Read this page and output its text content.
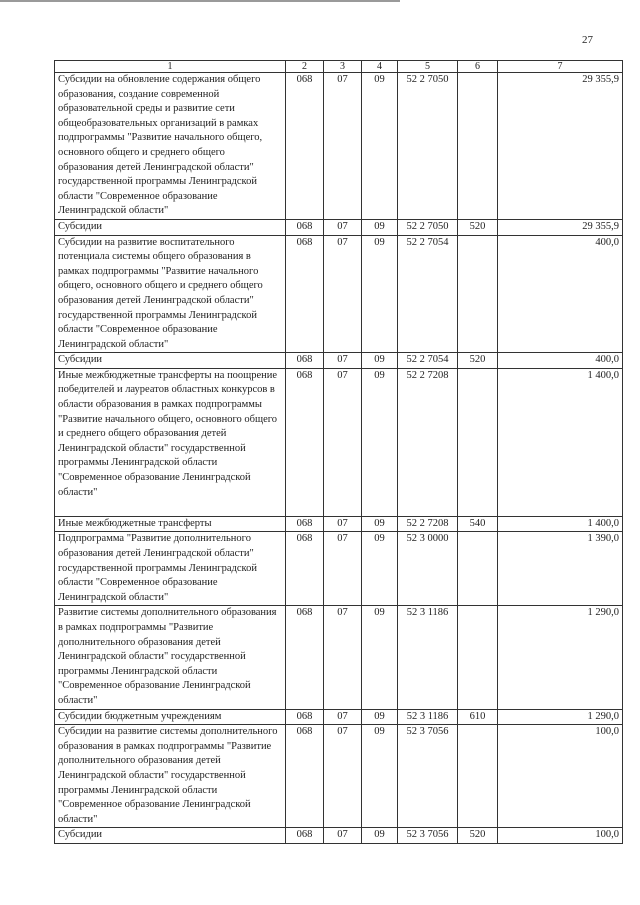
27
1	2	3	4	5	6	7
Субсидии на обновление содержания общего образования, создание современной образовательной среды и развитие сети общеобразовательных организаций в рамках подпрограммы "Развитие начального общего, основного общего и среднего общего образования детей Ленинградской области" государственной программы Ленинградской области "Современное образование Ленинградской области"	068	07	09	52 2 7050		29 355,9
Субсидии	068	07	09	52 2 7050	520	29 355,9
Субсидии на развитие воспитательного потенциала системы общего образования в рамках подпрограммы "Развитие начального общего, основного общего и среднего общего образования детей Ленинградской области" государственной программы Ленинградской области "Современное образование Ленинградской области"	068	07	09	52 2 7054		400,0
Субсидии	068	07	09	52 2 7054	520	400,0
Иные межбюджетные трансферты на поощрение победителей и лауреатов областных конкурсов в области образования в рамках подпрограммы "Развитие начального общего, основного общего и среднего общего образования детей Ленинградской области" государственной программы Ленинградской области "Современное образование Ленинградской области"	068	07	09	52 2 7208		1 400,0
Иные межбюджетные трансферты	068	07	09	52 2 7208	540	1 400,0
Подпрограмма "Развитие дополнительного образования детей Ленинградской области" государственной программы Ленинградской области "Современное образование Ленинградской области"	068	07	09	52 3 0000		1 390,0
Развитие системы дополнительного образования в рамках подпрограммы "Развитие дополнительного образования детей Ленинградской области" государственной программы Ленинградской области "Современное образование Ленинградской области"	068	07	09	52 3 1186		1 290,0
Субсидии бюджетным учреждениям	068	07	09	52 3 1186	610	1 290,0
Субсидии на развитие системы дополнительного образования в рамках подпрограммы "Развитие дополнительного образования детей Ленинградской области" государственной программы Ленинградской области "Современное образование Ленинградской области"	068	07	09	52 3 7056		100,0
Субсидии	068	07	09	52 3 7056	520	100,0
